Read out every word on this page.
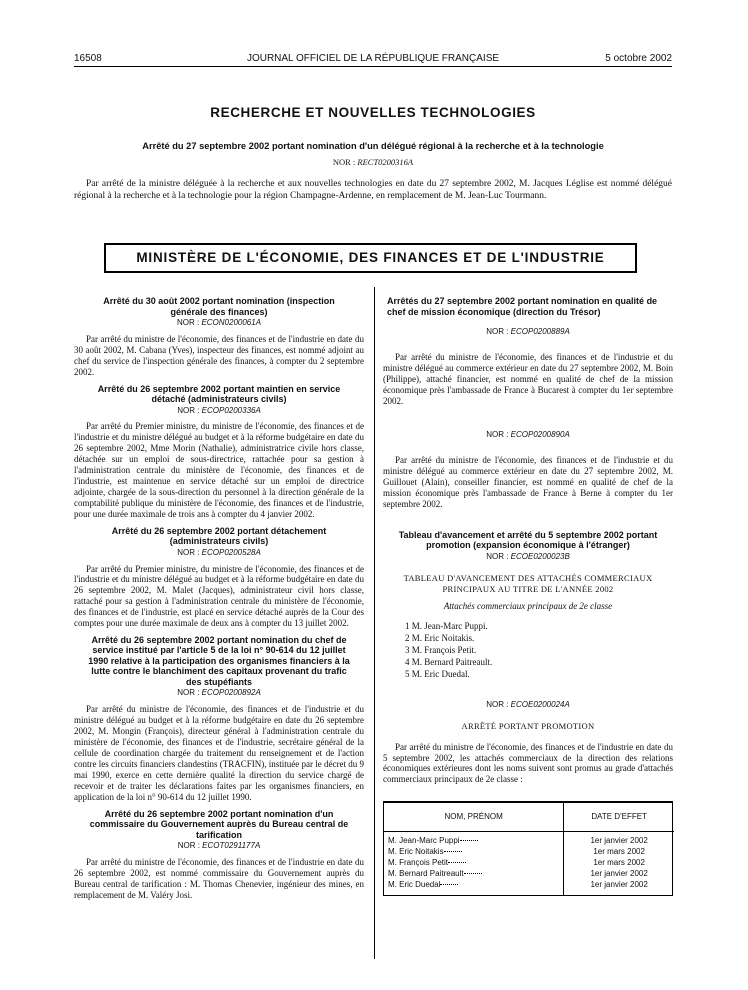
16508	JOURNAL OFFICIEL DE LA RÉPUBLIQUE FRANÇAISE	5 octobre 2002
RECHERCHE ET NOUVELLES TECHNOLOGIES
Arrêté du 27 septembre 2002 portant nomination d'un délégué régional à la recherche et à la technologie
NOR : RECT0200316A

Par arrêté de la ministre déléguée à la recherche et aux nouvelles technologies en date du 27 septembre 2002, M. Jacques Léglise est nommé délégué régional à la recherche et à la technologie pour la région Champagne-Ardenne, en remplacement de M. Jean-Luc Tourmann.

MINISTÈRE DE L'ÉCONOMIE, DES FINANCES ET DE L'INDUSTRIE
Arrêté du 30 août 2002 portant nomination (inspection générale des finances)
NOR : ECON0200061A

Par arrêté du ministre de l'économie, des finances et de l'industrie en date du 30 août 2002, M. Cabana (Yves), inspecteur des finances, est nommé adjoint au chef du service de l'inspection générale des finances, à compter du 2 septembre 2002.

Arrêté du 26 septembre 2002 portant maintien en service détaché (administrateurs civils)
NOR : ECOP0200336A

Par arrêté du Premier ministre, du ministre de l'économie, des finances et de l'industrie et du ministre délégué au budget et à la réforme budgétaire en date du 26 septembre 2002, Mme Morin (Nathalie), administratrice civile hors classe, détachée sur un emploi de sous-directrice, rattachée pour sa gestion à l'administration centrale du ministère de l'économie, des finances et de l'industrie, est maintenue en service détaché sur un emploi de directrice adjointe, chargée de la sous-direction du personnel à la direction générale de la comptabilité publique du ministère de l'économie, des finances et de l'industrie, pour une durée maximale de trois ans à compter du 4 janvier 2002.

Arrêté du 26 septembre 2002 portant détachement (administrateurs civils)
NOR : ECOP0200528A

Par arrêté du Premier ministre, du ministre de l'économie, des finances et de l'industrie et du ministre délégué au budget et à la réforme budgétaire en date du 26 septembre 2002, M. Malet (Jacques), administrateur civil hors classe, rattaché pour sa gestion à l'administration centrale du ministère de l'économie, des finances et de l'industrie, est placé en service détaché auprès de la Cour des comptes pour une durée maximale de deux ans à compter du 13 juillet 2002.

Arrêté du 26 septembre 2002 portant nomination du chef de service institué par l'article 5 de la loi n° 90-614 du 12 juillet 1990 relative à la participation des organismes financiers à la lutte contre le blanchiment des capitaux provenant du trafic des stupéfiants
NOR : ECOP0200892A

Par arrêté du ministre de l'économie, des finances et de l'industrie et du ministre délégué au budget et à la réforme budgétaire en date du 26 septembre 2002, M. Mongin (François), directeur général à l'administration centrale du ministère de l'économie, des finances et de l'industrie, secrétaire général de la cellule de coordination chargée du traitement du renseignement et de l'action contre les circuits financiers clandestins (TRACFIN), instituée par le décret du 9 mai 1990, exerce en cette dernière qualité la direction du service chargé de recevoir et de traiter les déclarations faites par les organismes financiers, en application de la loi n° 90-614 du 12 juillet 1990.

Arrêté du 26 septembre 2002 portant nomination d'un commissaire du Gouvernement auprès du Bureau central de tarification
NOR : ECOT0291177A

Par arrêté du ministre de l'économie, des finances et de l'industrie en date du 26 septembre 2002, est nommé commissaire du Gouvernement auprès du Bureau central de tarification : M. Thomas Chenevier, ingénieur des mines, en remplacement de M. Valéry Josi.

Arrêtés du 27 septembre 2002 portant nomination en qualité de chef de mission économique (direction du Trésor)
NOR : ECOP0200889A

Par arrêté du ministre de l'économie, des finances et de l'industrie et du ministre délégué au commerce extérieur en date du 27 septembre 2002, M. Boin (Philippe), attaché financier, est nommé en qualité de chef de la mission économique près l'ambassade de France à Bucarest à compter du 1er septembre 2002.

NOR : ECOP0200890A

Par arrêté du ministre de l'économie, des finances et de l'industrie et du ministre délégué au commerce extérieur en date du 27 septembre 2002, M. Guillouet (Alain), conseiller financier, est nommé en qualité de chef de la mission économique près l'ambassade de France à Berne à compter du 1er septembre 2002.

Tableau d'avancement et arrêté du 5 septembre 2002 portant promotion (expansion économique à l'étranger)
NOR : ECOE0200023B
TABLEAU D'AVANCEMENT DES ATTACHÉS COMMERCIAUX PRINCIPAUX AU TITRE DE L'ANNÉE 2002
Attachés commerciaux principaux de 2e classe
1 M. Jean-Marc Puppi.
2 M. Eric Noitakis.
3 M. François Petit.
4 M. Bernard Paitreault.
5 M. Eric Duedal.
NOR : ECOE0200024A
ARRÊTÉ PORTANT PROMOTION

Par arrêté du ministre de l'économie, des finances et de l'industrie en date du 5 septembre 2002, les attachés commerciaux de la direction des relations économiques extérieures dont les noms suivent sont promus au grade d'attachés commerciaux principaux de 2e classe :

NOM, PRÉNOM	DATE D'EFFET
M. Jean-Marc Puppi	1er janvier 2002
M. Eric Noitakis	1er mars 2002
M. François Petit	1er mars 2002
M. Bernard Paitreault	1er janvier 2002
M. Eric Duedal	1er janvier 2002
